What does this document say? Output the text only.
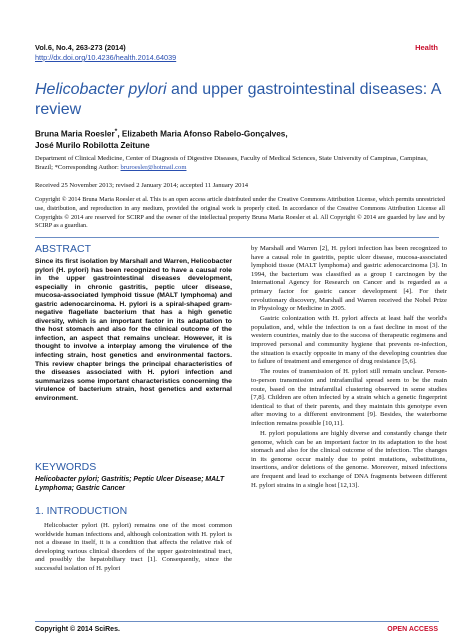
Vol.6, No.4, 263-273 (2014)
http://dx.doi.org/10.4236/health.2014.64039
Health
Helicobacter pylori and upper gastrointestinal diseases: A review
Bruna Maria Roesler*, Elizabeth Maria Afonso Rabelo-Gonçalves,
José Murilo Robilotta Zeitune
Department of Clinical Medicine, Center of Diagnosis of Digestive Diseases, Faculty of Medical Sciences, State University of Campinas, Campinas, Brazil; *Corresponding Author: bruroesler@hotmail.com
Received 25 November 2013; revised 2 January 2014; accepted 11 January 2014
Copyright © 2014 Bruna Maria Roesler et al. This is an open access article distributed under the Creative Commons Attribution License, which permits unrestricted use, distribution, and reproduction in any medium, provided the original work is properly cited. In accordance of the Creative Commons Attribution License all Copyrights © 2014 are reserved for SCIRP and the owner of the intellectual property Bruna Maria Roesler et al. All Copyright © 2014 are guarded by law and by SCIRP as a guardian.
ABSTRACT
Since its first isolation by Marshall and Warren, Helicobacter pylori (H. pylori) has been recognized to have a causal role in the upper gastrointestinal diseases development, especially in chronic gastritis, peptic ulcer disease, mucosa-associated lymphoid tissue (MALT lymphoma) and gastric adenocarcinoma. H. pylori is a spiral-shaped gram-negative flagellate bacterium that has a high genetic diversity, which is an important factor in its adaptation to the host stomach and also for the clinical outcome of the infection, an aspect that remains unclear. However, it is thought to involve a interplay among the virulence of the infecting strain, host genetics and environmental factors. This review chapter brings the principal characteristics of the diseases associated with H. pylori infection and summarizes some important characteristics concerning the virulence of bacterium strain, host genetics and external environment.
KEYWORDS
Helicobacter pylori; Gastritis; Peptic Ulcer Disease; MALT Lymphoma; Gastric Cancer
1. INTRODUCTION

Helicobacter pylori (H. pylori) remains one of the most common worldwide human infections and, although colonization with H. pylori is not a disease in itself, it is a condition that affects the relative risk of developing various clinical disorders of the upper gastrointestinal tract, and possibly the hepatobiliary tract [1]. Consequently, since the successful isolation of H. pylori

by Marshall and Warren [2], H. pylori infection has been recognized to have a causal role in gastritis, peptic ulcer disease, mucosa-associated lymphoid tissue (MALT lymphoma) and gastric adenocarcinoma [3]. In 1994, the bacterium was classified as a group I carcinogen by the International Agency for Research on Cancer and is regarded as a primary factor for gastric cancer development [4]. For their revolutionary discovery, Marshall and Warren received the Nobel Prize in Physiology or Medicine in 2005.

Gastric colonization with H. pylori affects at least half the world's population, and, while the infection is on a fast decline in most of the western countries, mainly due to the success of therapeutic regimens and improved personal and community hygiene that prevents re-infection, the situation is exactly opposite in many of the developing countries due to failure of treatment and emergence of drug resistance [5,6].

The routes of transmission of H. pylori still remain unclear. Person-to-person transmission and intrafamilial spread seem to be the main route, based on the intrafamilial clustering observed in some studies [7,8]. Children are often infected by a strain which a genetic fingerprint identical to that of their parents, and they maintain this genotype even after moving to a different environment [9]. Besides, the waterborne infection remains possible [10,11].

H. pylori populations are highly diverse and constantly change their genome, which can be an important factor in its adaptation to the host stomach and also for the clinical outcome of the infection. The changes in its genome occur mainly due to point mutations, substitutions, insertions, and/or deletions of the genome. Moreover, mixed infections are frequent and lead to exchange of DNA fragments between different H. pylori strains in a single host [12,13].

Copyright © 2014 SciRes.	OPEN ACCESS
